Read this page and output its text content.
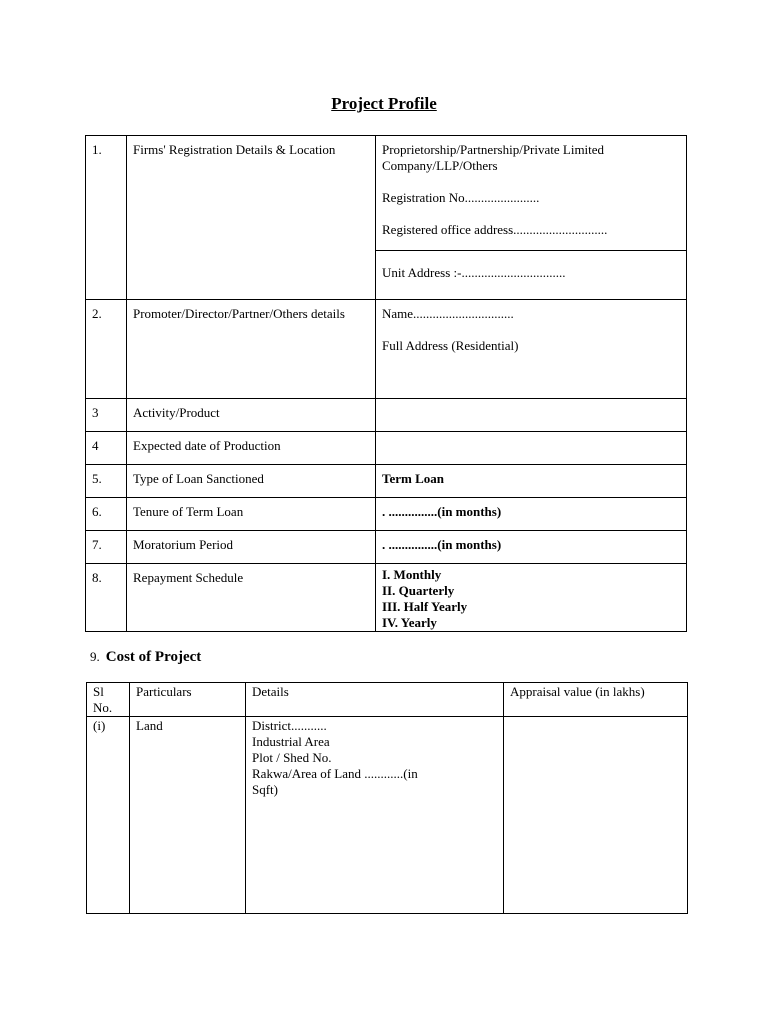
Project Profile
1.	Firms' Registration Details & Location	Proprietorship/Partnership/Private Limited Company/LLP/Others
Registration No.......................
Registered office address.............................

		Unit Address :-................................
2.	Promoter/Director/Partner/Others details	Name...............................
Full Address (Residential)

3	Activity/Product	
4	Expected date of Production	
5.	Type of Loan Sanctioned	Term Loan
6.	Tenure of Term Loan	. ...............(in months)
7.	Moratorium Period	. ...............(in months)
8.	Repayment Schedule	I. Monthly
II. Quarterly
III. Half Yearly
IV. Yearly
9. Cost of Project
Sl No.	Particulars	Details	Appraisal value (in lakhs)
(i)	Land	District...........
Industrial Area
Plot / Shed No.
Rakwa/Area of Land ............(in Sqft)	
